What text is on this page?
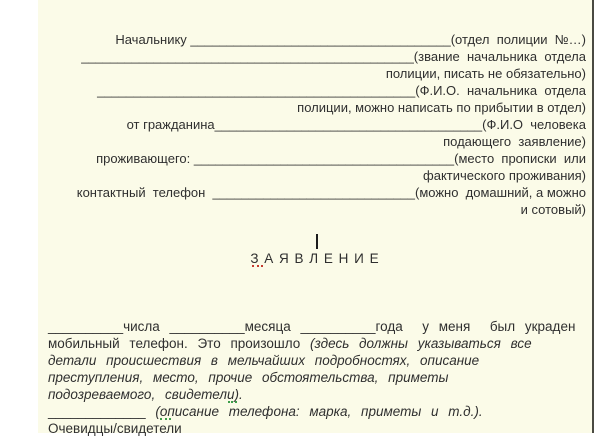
Начальнику ____________________________________(отдел  полиции  №…)
______________________________________________(звание  начальника  отдела
полиции, писать не обязательно)
____________________________________________(Ф.И.О.  начальника  отдела
полиции, можно написать по прибытии в отдел)
от гражданина_____________________________________(Ф.И.О  человека
подающего  заявление)
проживающего: ____________________________________(место  прописки  или
фактического проживания)
контактный  телефон  ____________________________(можно  домашний, а можно
и сотовый)
З А Я В Л Е Н И Е
__________числа __________месяца __________года  у меня  был украден
мобильный телефон. Это произошло (здесь должны указываться все
детали происшествия в мельчайших подробностях, описание
преступления, место, прочие обстоятельства, приметы
подозреваемого, свидетели).
_____________ (описание телефона: марка, приметы и т.д.).
Очевидцы/свидетели
